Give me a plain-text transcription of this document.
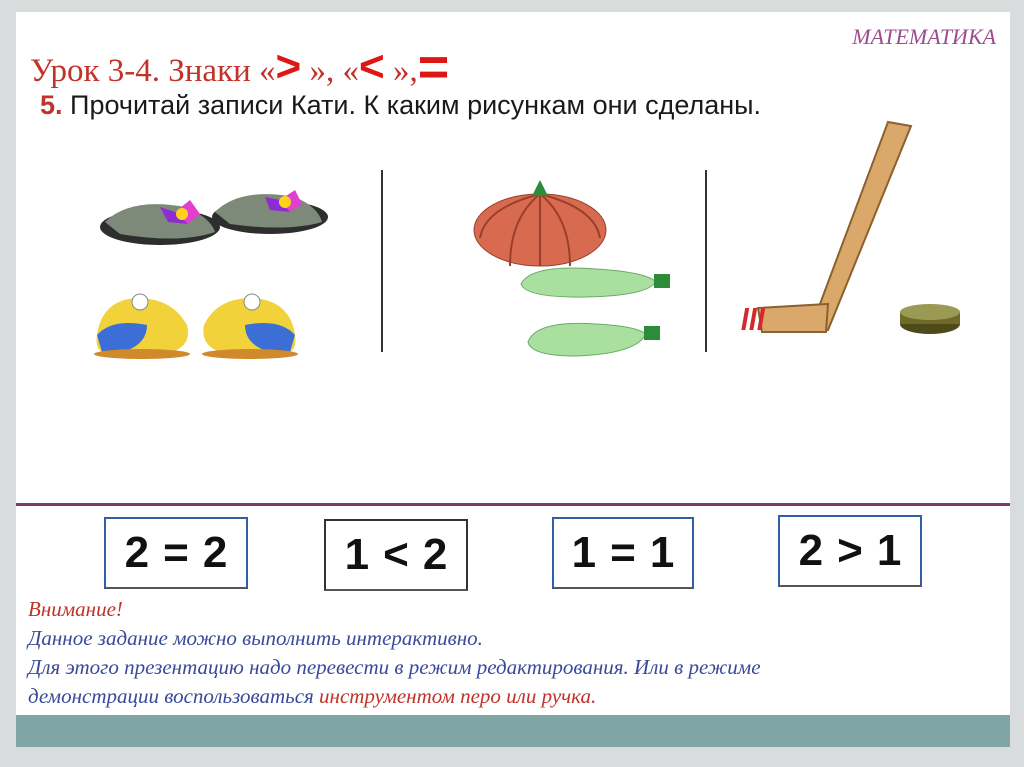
МАТЕМАТИКА
Урок 3-4. Знаки «> », «< »,=
5. Прочитай записи Кати. К каким рисункам они сделаны.
2 = 2	1 < 2	1 = 1	2 > 1
Внимание!
Данное задание можно выполнить интерактивно.
Для этого презентацию надо перевести в режим редактирования. Или в режиме
демонстрации воспользоваться инструментом перо или ручка.
